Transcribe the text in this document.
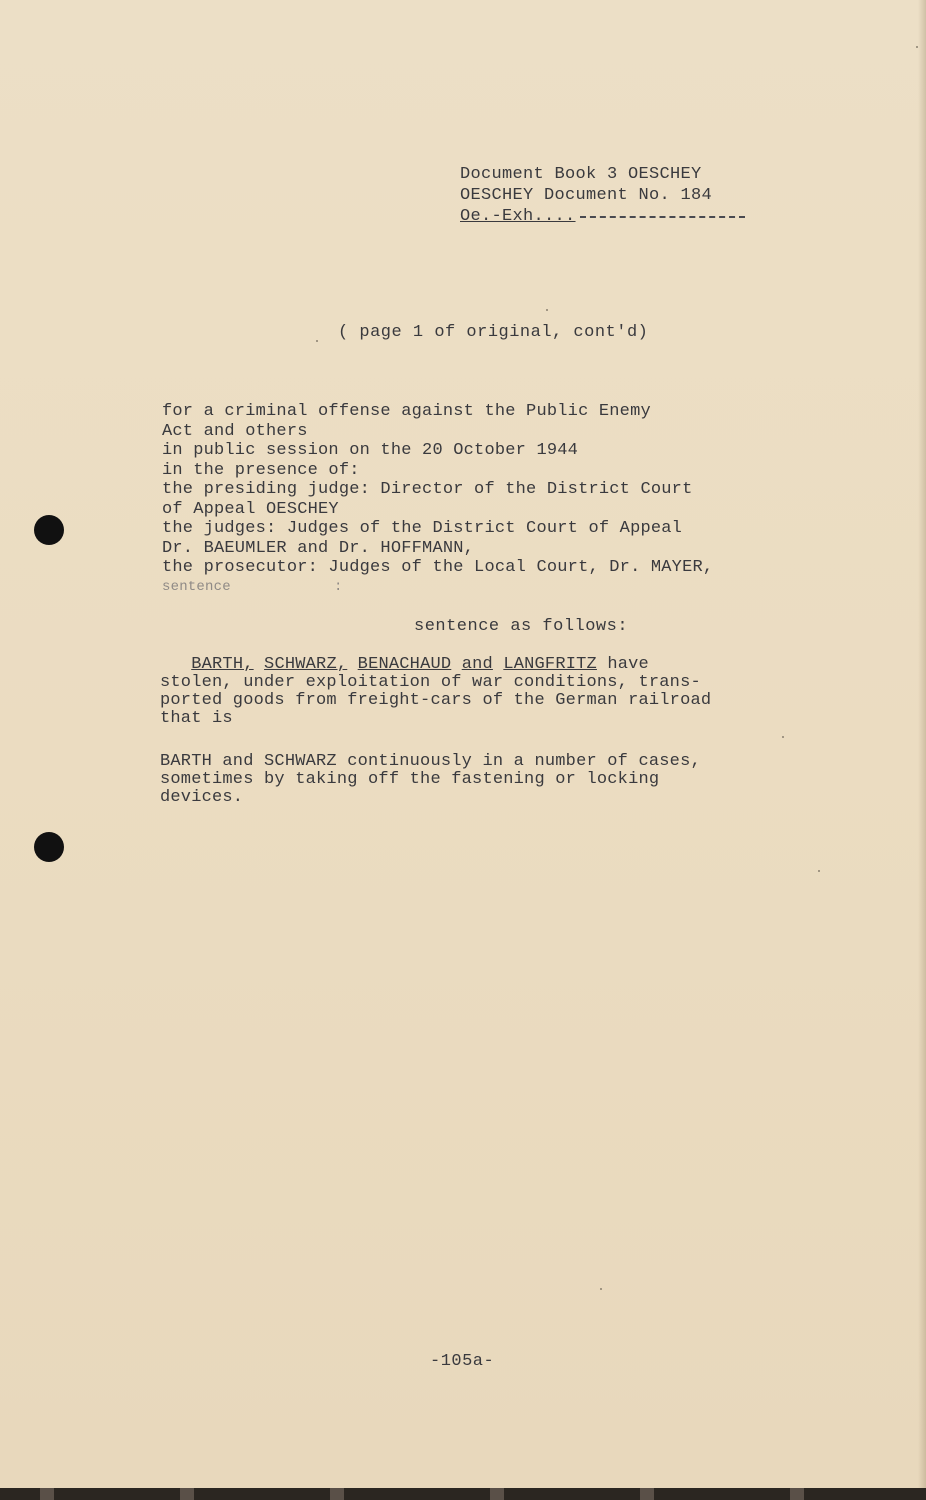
Document Book 3 OESCHEY
OESCHEY Document No. 184
Oe.-Exh....
( page 1 of original, cont'd)
for a criminal offense against the Public Enemy
Act and others
in public session on the 20 October 1944
in the presence of:
the presiding judge: Director of the District Court
of Appeal OESCHEY
the judges: Judges of the District Court of Appeal
Dr. BAEUMLER and Dr. HOFFMANN,
the prosecutor: Judges of the Local Court, Dr. MAYER,
sentence            :
sentence as follows:
BARTH, SCHWARZ, BENACHAUD and LANGFRITZ have
stolen, under exploitation of war conditions, trans-
ported goods from freight-cars of the German railroad
that is
BARTH and SCHWARZ continuously in a number of cases,
sometimes by taking off the fastening or locking
devices.
-105a-
